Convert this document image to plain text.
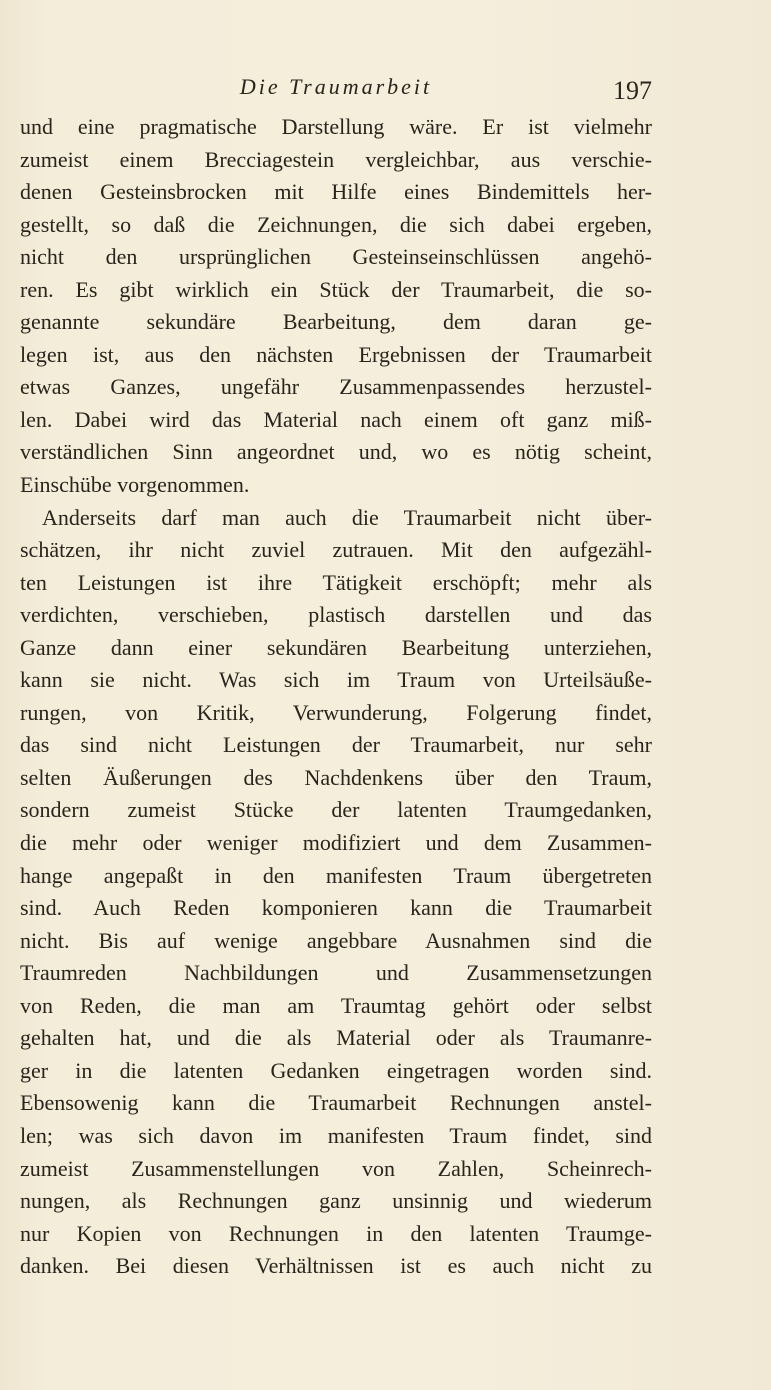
Die Traumarbeit	197
und eine pragmatische Darstellung wäre. Er ist vielmehr
zumeist einem Brecciagestein vergleichbar, aus verschie-
denen Gesteinsbrocken mit Hilfe eines Bindemittels her-
gestellt, so daß die Zeichnungen, die sich dabei ergeben,
nicht den ursprünglichen Gesteinseinschlüssen angehö-
ren. Es gibt wirklich ein Stück der Traumarbeit, die so-
genannte sekundäre Bearbeitung, dem daran ge-
legen ist, aus den nächsten Ergebnissen der Traumarbeit
etwas Ganzes, ungefähr Zusammenpassendes herzustel-
len. Dabei wird das Material nach einem oft ganz miß-
verständlichen Sinn angeordnet und, wo es nötig scheint,
Einschübe vorgenommen.
Anderseits darf man auch die Traumarbeit nicht über-
schätzen, ihr nicht zuviel zutrauen. Mit den aufgezähl-
ten Leistungen ist ihre Tätigkeit erschöpft; mehr als
verdichten, verschieben, plastisch darstellen und das
Ganze dann einer sekundären Bearbeitung unterziehen,
kann sie nicht. Was sich im Traum von Urteilsäuße-
rungen, von Kritik, Verwunderung, Folgerung findet,
das sind nicht Leistungen der Traumarbeit, nur sehr
selten Äußerungen des Nachdenkens über den Traum,
sondern zumeist Stücke der latenten Traumgedanken,
die mehr oder weniger modifiziert und dem Zusammen-
hange angepaßt in den manifesten Traum übergetreten
sind. Auch Reden komponieren kann die Traumarbeit
nicht. Bis auf wenige angebbare Ausnahmen sind die
Traumreden Nachbildungen und Zusammensetzungen
von Reden, die man am Traumtag gehört oder selbst
gehalten hat, und die als Material oder als Traumanre-
ger in die latenten Gedanken eingetragen worden sind.
Ebensowenig kann die Traumarbeit Rechnungen anstel-
len; was sich davon im manifesten Traum findet, sind
zumeist Zusammenstellungen von Zahlen, Scheinrech-
nungen, als Rechnungen ganz unsinnig und wiederum
nur Kopien von Rechnungen in den latenten Traumge-
danken. Bei diesen Verhältnissen ist es auch nicht zu
